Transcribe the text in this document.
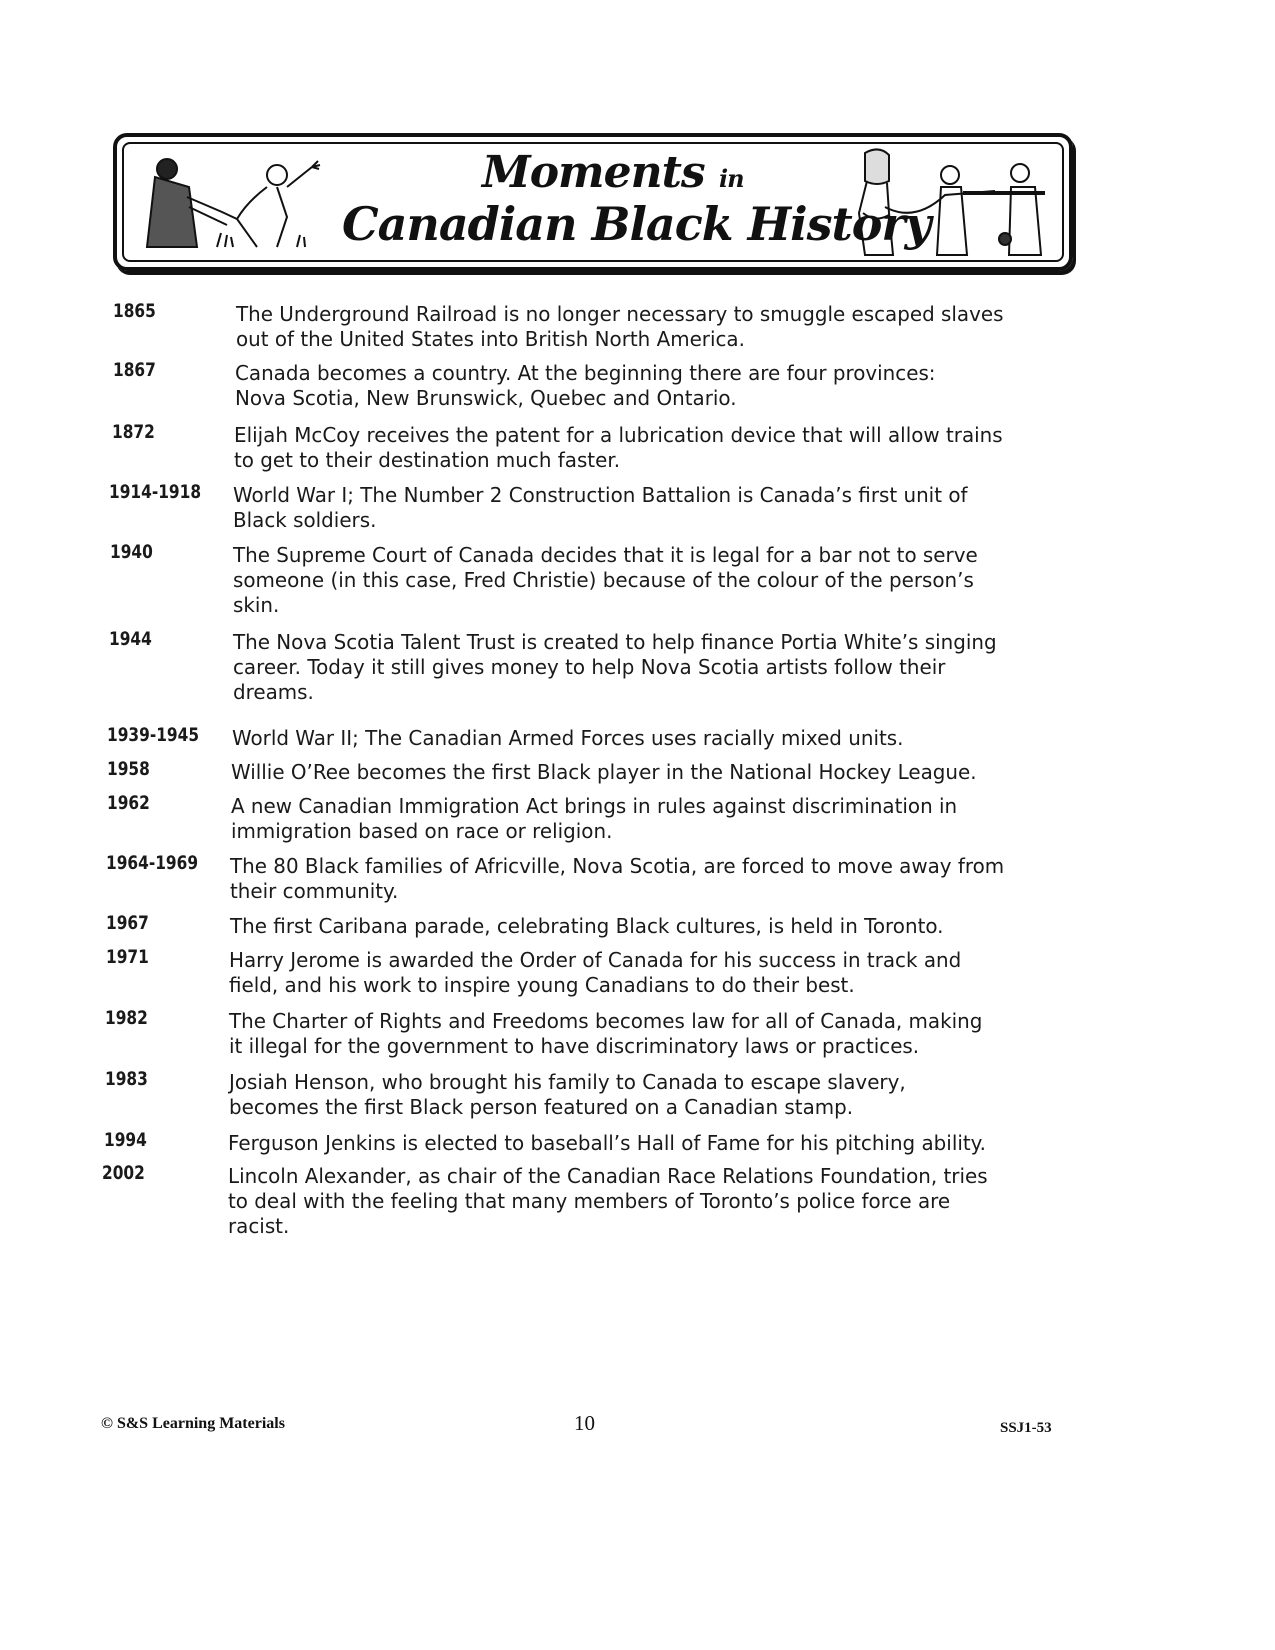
Moments in
Canadian Black History
1865	The Underground Railroad is no longer necessary to smuggle escaped slaves
out of the United States into British North America.
1867	Canada becomes a country. At the beginning there are four provinces:
Nova Scotia, New Brunswick, Quebec and Ontario.
1872	Elijah McCoy receives the patent for a lubrication device that will allow trains
to get to their destination much faster.
1914-1918 World War I; The Number 2 Construction Battalion is Canada’s first unit of
Black soldiers.
1940	The Supreme Court of Canada decides that it is legal for a bar not to serve
someone (in this case, Fred Christie) because of the colour of the person’s
skin.
1944	The Nova Scotia Talent Trust is created to help finance Portia White’s singing
career. Today it still gives money to help Nova Scotia artists follow their
dreams.
1939-1945 World War II; The Canadian Armed Forces uses racially mixed units.
1958	Willie O’Ree becomes the first Black player in the National Hockey League.
1962	A new Canadian Immigration Act brings in rules against discrimination in
immigration based on race or religion.
1964-1969 The 80 Black families of Africville, Nova Scotia, are forced to move away from
their community.
1967	The first Caribana parade, celebrating Black cultures, is held in Toronto.
1971	Harry Jerome is awarded the Order of Canada for his success in track and
field, and his work to inspire young Canadians to do their best.
1982	The Charter of Rights and Freedoms becomes law for all of Canada, making
it illegal for the government to have discriminatory laws or practices.
1983	Josiah Henson, who brought his family to Canada to escape slavery,
becomes the first Black person featured on a Canadian stamp.
1994	Ferguson Jenkins is elected to baseball’s Hall of Fame for his pitching ability.
2002	Lincoln Alexander, as chair of the Canadian Race Relations Foundation, tries
to deal with the feeling that many members of Toronto’s police force are
racist.
© S&S Learning Materials	10	SSJ1-53
